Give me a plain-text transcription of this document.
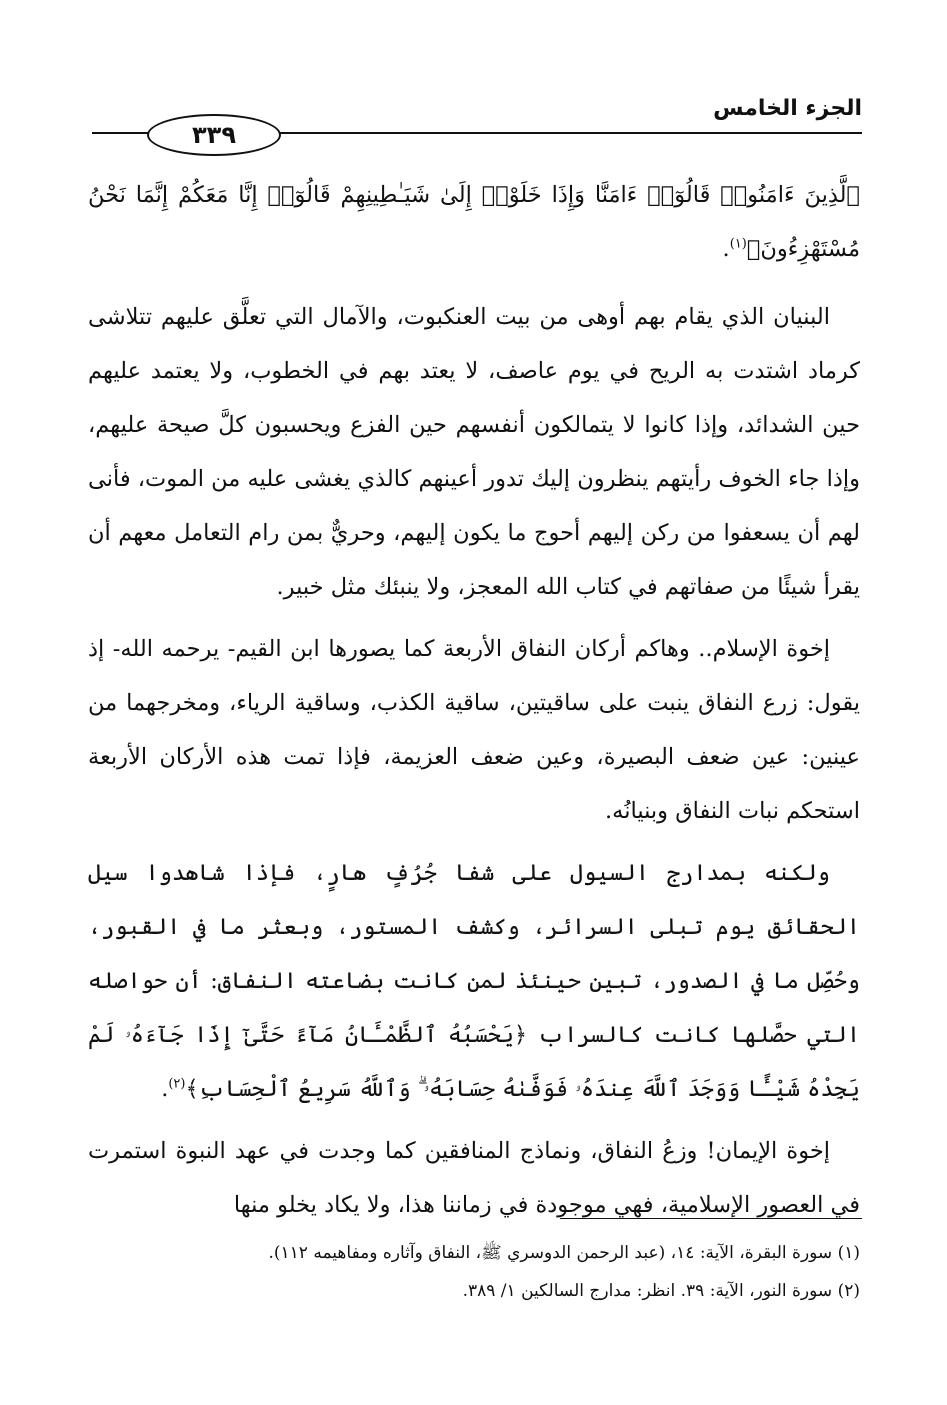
الجزء الخامس
٣٣٩

ٱلَّذِينَ ءَامَنُوا۟ قَالُوٓا۟ ءَامَنَّا وَإِذَا خَلَوْا۟ إِلَىٰ شَيَـٰطِينِهِمْ قَالُوٓا۟ إِنَّا مَعَكُمْ إِنَّمَا نَحْنُ مُسْتَهْزِءُونَ﴾$^{(١)}$.

البنيان الذي يقام بهم أوهى من بيت العنكبوت، والآمال التي تعلَّق عليهم تتلاشى كرماد اشتدت به الريح في يوم عاصف، لا يعتد بهم في الخطوب، ولا يعتمد عليهم حين الشدائد، وإذا كانوا لا يتمالكون أنفسهم حين الفزع ويحسبون كلَّ صيحة عليهم، وإذا جاء الخوف رأيتهم ينظرون إليك تدور أعينهم كالذي يغشى عليه من الموت، فأنى لهم أن يسعفوا من ركن إليهم أحوج ما يكون إليهم، وحريٌّ بمن رام التعامل معهم أن يقرأ شيئًا من صفاتهم في كتاب الله المعجز، ولا ينبئك مثل خبير.

إخوة الإسلام.. وهاكم أركان النفاق الأربعة كما يصورها ابن القيم- يرحمه الله- إذ يقول: زرع النفاق ينبت على ساقيتين، ساقية الكذب، وساقية الرياء، ومخرجهما من عينين: عين ضعف البصيرة، وعين ضعف العزيمة، فإذا تمت هذه الأركان الأربعة استحكم نبات النفاق وبنيانُه.

ولكنه بمدارج السيول على شفا جُرُفٍ هارٍ، فإذا شاهدوا سيل الحقائق يوم تبلى السرائر، وكشف المستور، وبعثر ما في القبور، وحُصِّل ما في الصدور، تبين حينئذ لمن كانت بضاعته النفاق: أن حواصله التي حصَّلها كانت كالسراب ﴿يَحْسَبُهُ ٱلظَّمْـَٔانُ مَآءً حَتَّىٰٓ إِذَا جَآءَهُۥ لَمْ يَجِدْهُ شَيْـًٔا وَوَجَدَ ٱللَّهَ عِندَهُۥ فَوَفَّىٰهُ حِسَابَهُۥ ۗ وَٱللَّهُ سَرِيعُ ٱلْحِسَابِ﴾$^{(٢)}$.

إخوة الإيمان! وزعُ النفاق، ونماذج المنافقين كما وجدت في عهد النبوة استمرت في العصور الإسلامية، فهي موجودة في زماننا هذا، ولا يكاد يخلو منها

(١) سورة البقرة، الآية: ١٤، (عبد الرحمن الدوسري ﷺ، النفاق وآثاره ومفاهيمه ١١٢).

(٢) سورة النور، الآية: ٣٩. انظر: مدارج السالكين ١/ ٣٨٩.
